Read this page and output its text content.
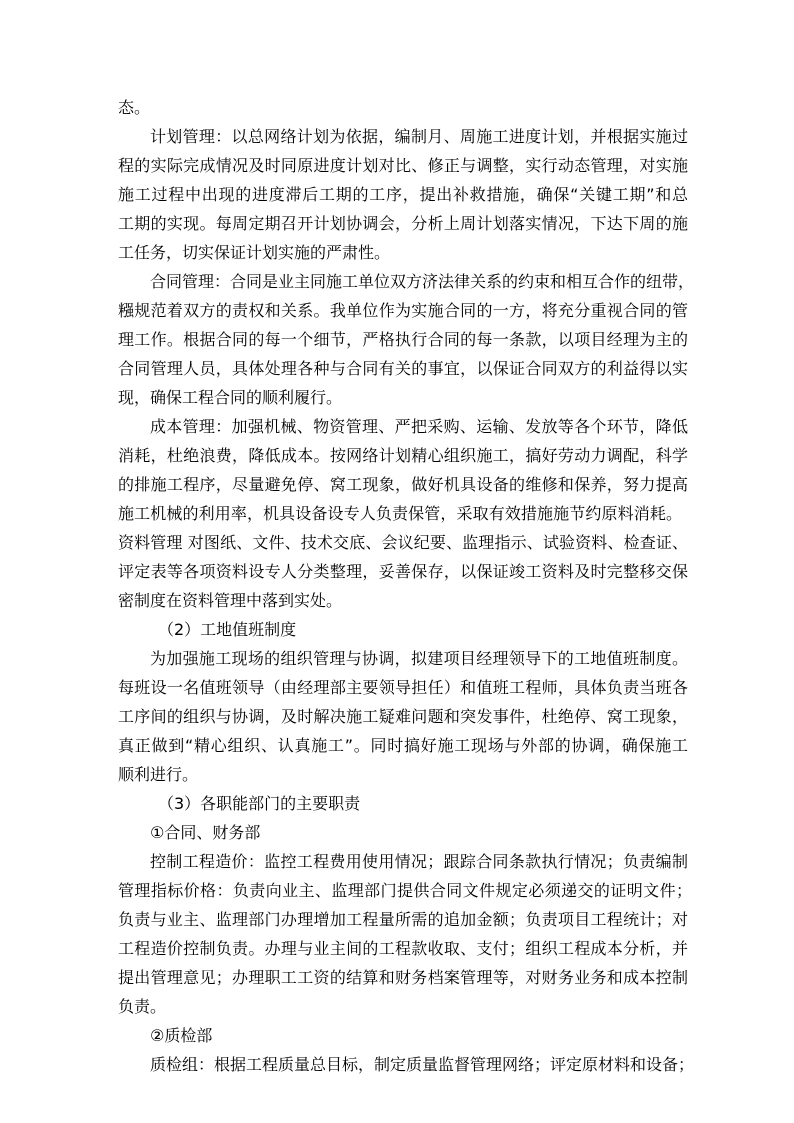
态。
计划管理：以总网络计划为依据，编制月、周施工进度计划，并根据实施过
程的实际完成情况及时同原进度计划对比、修正与调整，实行动态管理，对实施
施工过程中出现的进度滞后工期的工序，提出补救措施，确保“关键工期”和总
工期的实现。每周定期召开计划协调会，分析上周计划落实情况，下达下周的施
工任务，切实保证计划实施的严肃性。
合同管理：合同是业主同施工单位双方济法律关系的约束和相互合作的纽带，
糨规范着双方的责权和关系。我单位作为实施合同的一方，将充分重视合同的管
理工作。根据合同的每一个细节，严格执行合同的每一条款，以项目经理为主的
合同管理人员，具体处理各种与合同有关的事宜，以保证合同双方的利益得以实
现，确保工程合同的顺利履行。
成本管理：加强机械、物资管理、严把采购、运输、发放等各个环节，降低
消耗，杜绝浪费，降低成本。按网络计划精心组织施工，搞好劳动力调配，科学
的排施工程序，尽量避免停、窝工现象，做好机具设备的维修和保养，努力提高
施工机械的利用率，机具设备设专人负责保管，采取有效措施施节约原料消耗。
资料管理 对图纸、文件、技术交底、会议纪要、监理指示、试验资料、检查证、
评定表等各项资料设专人分类整理，妥善保存，以保证竣工资料及时完整移交保
密制度在资料管理中落到实处。
（2）工地值班制度
为加强施工现场的组织管理与协调，拟建项目经理领导下的工地值班制度。
每班设一名值班领导（由经理部主要领导担任）和值班工程师，具体负责当班各
工序间的组织与协调，及时解决施工疑难问题和突发事件，杜绝停、窝工现象，
真正做到“精心组织、认真施工”。同时搞好施工现场与外部的协调，确保施工
顺利进行。
（3）各职能部门的主要职责
①合同、财务部
控制工程造价：监控工程费用使用情况；跟踪合同条款执行情况；负责编制
管理指标价格：负责向业主、监理部门提供合同文件规定必须递交的证明文件；
负责与业主、监理部门办理增加工程量所需的追加金额；负责项目工程统计；对
工程造价控制负责。办理与业主间的工程款收取、支付；组织工程成本分析，并
提出管理意见；办理职工工资的结算和财务档案管理等，对财务业务和成本控制
负责。
②质检部
质检组：根据工程质量总目标，制定质量监督管理网络；评定原材料和设备；
